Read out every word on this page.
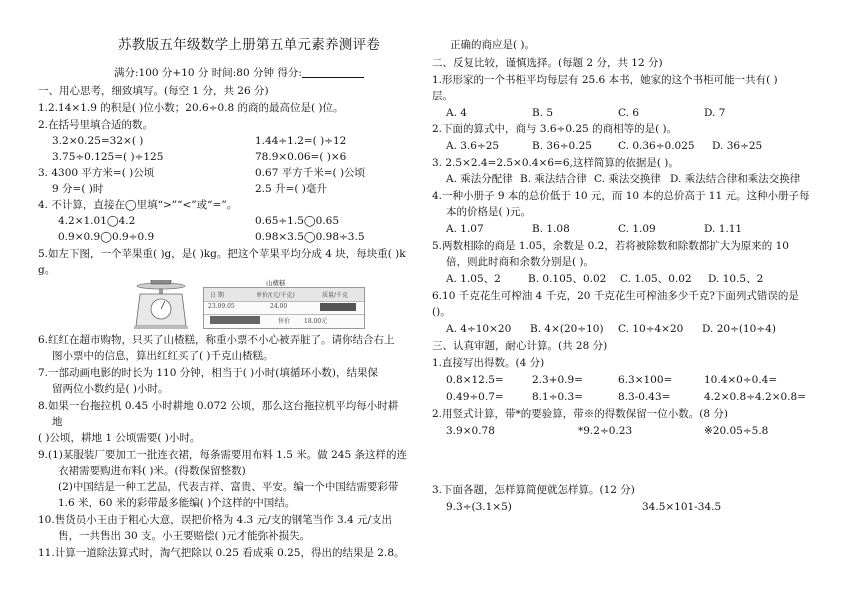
苏教版五年级数学上册第五单元素养测评卷
满分:100 分+10 分 时间:80 分钟 得分:
一、用心思考，细致填写。(每空 1 分，共 26 分)
1.2.14×1.9 的积是( )位小数；20.6÷0.8 的商的最高位是( )位。
2.在括号里填合适的数。
3.2×0.25=32×( )	1.44÷1.2=( )÷12
3.75÷0.125=( )÷125	78.9×0.06=( )×6
3. 4300 平方米=( )公顷	0.67 平方千米=( )公顷
9 分=( )时	2.5 升=( )毫升
4. 不计算，直接在◯里填“>”“<”或“=”。
4.2×1.01◯4.2	0.65÷1.5◯0.65
0.9×0.9◯0.9÷0.9	0.98×3.5◯0.98÷3.5
5.如左下图，一个苹果重( )g，是( )kg。把这个苹果平均分成 4 块，每块重( )k
g。
山楂糕
日 期	单价/(元/千克)	质量/千克
23.09.05	24.00
售价 18.00元
6.红红在超市购物，只买了山楂糕，称重小票不小心被弄脏了。请你结合右上
图小票中的信息，算出红红买了( )千克山楂糕。
7.一部动画电影的时长为 110 分钟，相当于( )小时(填循环小数)，结果保
留两位小数约是( )小时。
8.如果一台拖拉机 0.45 小时耕地 0.072 公顷，那么这台拖拉机平均每小时耕
地
( )公顷，耕地 1 公顷需要( )小时。
9.(1)某服装厂要加工一批连衣裙，每条需要用布料 1.5 米。做 245 条这样的连
衣裙需要购进布料( )米。(得数保留整数)
(2)中国结是一种工艺品，代表吉祥、富贵、平安。编一个中国结需要彩带
1.6 米，60 米的彩带最多能编( )个这样的中国结。
10.售货员小王由于粗心大意，误把价格为 4.3 元/支的钢笔当作 3.4 元/支出
售，一共售出 30 支。小王要赔偿( )元才能弥补损失。
11.计算一道除法算式时，淘气把除以 0.25 看成乘 0.25，得出的结果是 2.8。
正确的商应是( )。
二、反复比较，谨慎选择。(每题 2 分，共 12 分)
1.形形家的一个书柜平均每层有 25.6 本书，她家的这个书柜可能一共有( )
层。
A. 4	B. 5	C. 6	D. 7
2.下面的算式中，商与 3.6÷0.25 的商相等的是( )。
A. 3.6÷25	B. 36÷0.25 C. 0.36÷0.025 D. 36÷25
3. 2.5×2.4=2.5×0.4×6=6,这样简算的依据是( )。
A. 乘法分配律 B. 乘法结合律 C. 乘法交换律 D. 乘法结合律和乘法交换律
4.一种小册子 9 本的总价低于 10 元，而 10 本的总价高于 11 元。这种小册子每
本的价格是( )元。
A. 1.07	B. 1.08	C. 1.09	D. 1.11
5.两数相除的商是 1.05，余数是 0.2，若将被除数和除数都扩大为原来的 10
倍，则此时商和余数分别是( )。
A. 1.05、2	B. 0.105、0.02 C. 1.05、0.02 D. 10.5、2
6.10 千克花生可榨油 4 千克，20 千克花生可榨油多少千克?下面列式错误的是
()。
A. 4÷10×20 B. 4×(20÷10) C. 10÷4×20 D. 20÷(10÷4)
三、认真审题，耐心计算。(共 28 分)
1.直接写出得数。(4 分)
0.8×12.5=	2.3+0.9=	6.3×100=	10.4×0÷0.4=
0.49÷0.7=	8.1÷0.3=	8.3-0.43=	4.2×0.8÷4.2×0.8=
2.用竖式计算，带*的要验算，带※的得数保留一位小数。(8 分)
3.9×0.78	*9.2÷0.23	※20.05÷5.8
3.下面各题，怎样算简便就怎样算。(12 分)
9.3÷(3.1×5)	34.5×101-34.5
